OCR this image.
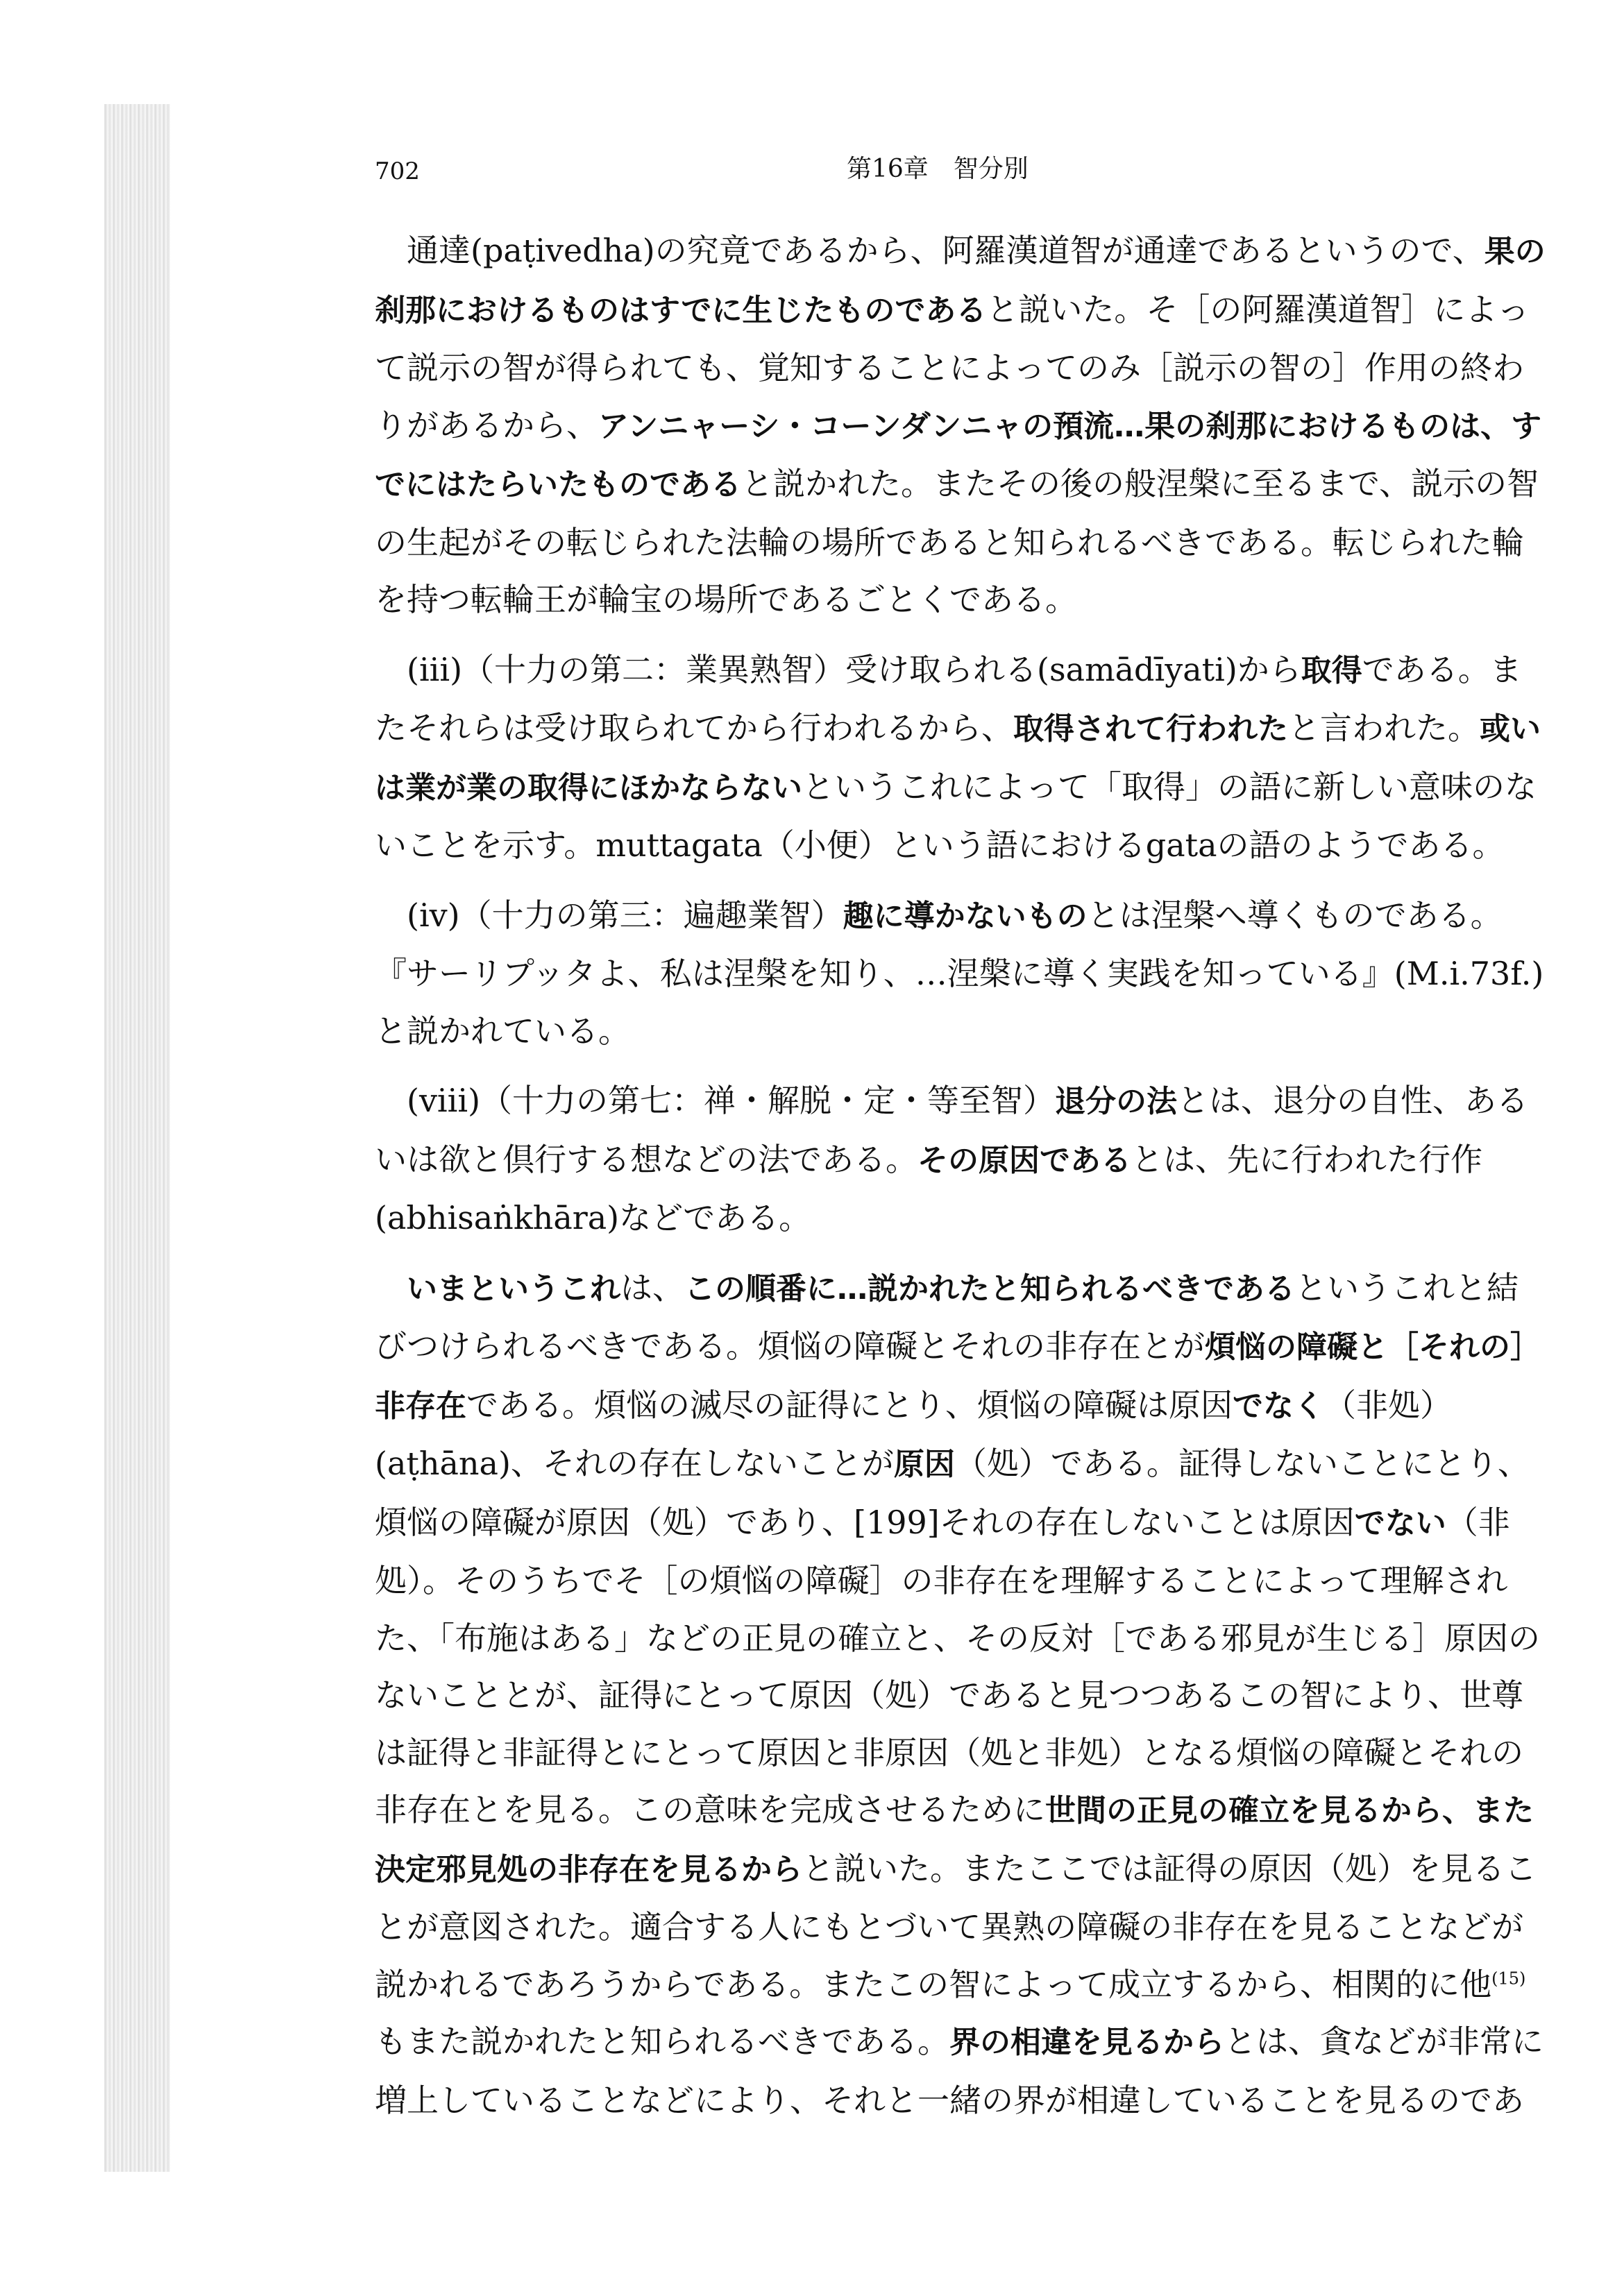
702	第16章　智分別

通達(paṭivedha)の究竟であるから、阿羅漢道智が通達であるというので、果の刹那におけるものはすでに生じたものであると説いた。そ［の阿羅漢道智］によって説示の智が得られても、覚知することによってのみ［説示の智の］作用の終わりがあるから、アンニャーシ・コーンダンニャの預流…果の刹那におけるものは、すでにはたらいたものであると説かれた。またその後の般涅槃に至るまで、説示の智の生起がその転じられた法輪の場所であると知られるべきである。転じられた輪を持つ転輪王が輪宝の場所であるごとくである。

(iii)（十力の第二：業異熟智）受け取られる(samādīyati)から取得である。またそれらは受け取られてから行われるから、取得されて行われたと言われた。或いは業が業の取得にほかならないというこれによって「取得」の語に新しい意味のないことを示す。muttagata（小便）という語におけるgataの語のようである。

(iv)（十力の第三：遍趣業智）趣に導かないものとは涅槃へ導くものである。『サーリプッタよ、私は涅槃を知り、…涅槃に導く実践を知っている』(M.i.73f.)と説かれている。

(viii)（十力の第七：禅・解脱・定・等至智）退分の法とは、退分の自性、あるいは欲と倶行する想などの法である。その原因であるとは、先に行われた行作(abhisaṅkhāra)などである。

いまというこれは、この順番に…説かれたと知られるべきであるというこれと結びつけられるべきである。煩悩の障礙とそれの非存在とが煩悩の障礙と［それの］非存在である。煩悩の滅尽の証得にとり、煩悩の障礙は原因でなく（非処）(aṭhāna)、それの存在しないことが原因（処）である。証得しないことにとり、煩悩の障礙が原因（処）であり、[199]それの存在しないことは原因でない（非処）。そのうちでそ［の煩悩の障礙］の非存在を理解することによって理解された、「布施はある」などの正見の確立と、その反対［である邪見が生じる］原因のないこととが、証得にとって原因（処）であると見つつあるこの智により、世尊は証得と非証得とにとって原因と非原因（処と非処）となる煩悩の障礙とそれの非存在とを見る。この意味を完成させるために世間の正見の確立を見るから、また決定邪見処の非存在を見るからと説いた。またここでは証得の原因（処）を見ることが意図された。適合する人にもとづいて異熟の障礙の非存在を見ることなどが説かれるであろうからである。またこの智によって成立するから、相関的に他$^{(15)}$もまた説かれたと知られるべきである。界の相違を見るからとは、貪などが非常に増上していることなどにより、それと一緒の界が相違していることを見るのであ
